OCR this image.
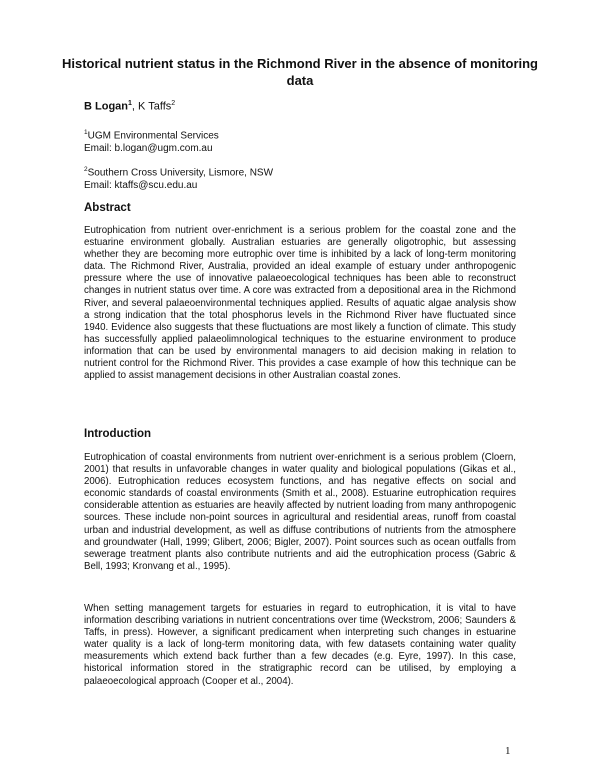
Historical nutrient status in the Richmond River in the absence of monitoring data
B Logan$^1$, K Taffs$^2$
$^1$UGM Environmental Services
Email: b.logan@ugm.com.au
$^2$Southern Cross University, Lismore, NSW
Email: ktaffs@scu.edu.au
Abstract
Eutrophication from nutrient over-enrichment is a serious problem for the coastal zone and the estuarine environment globally. Australian estuaries are generally oligotrophic, but assessing whether they are becoming more eutrophic over time is inhibited by a lack of long-term monitoring data. The Richmond River, Australia, provided an ideal example of estuary under anthropogenic pressure where the use of innovative palaeoecological techniques has been able to reconstruct changes in nutrient status over time. A core was extracted from a depositional area in the Richmond River, and several palaeoenvironmental techniques applied. Results of aquatic algae analysis show a strong indication that the total phosphorus levels in the Richmond River have fluctuated since 1940. Evidence also suggests that these fluctuations are most likely a function of climate. This study has successfully applied palaeolimnological techniques to the estuarine environment to produce information that can be used by environmental managers to aid decision making in relation to nutrient control for the Richmond River. This provides a case example of how this technique can be applied to assist management decisions in other Australian coastal zones.
Introduction
Eutrophication of coastal environments from nutrient over-enrichment is a serious problem (Cloern, 2001) that results in unfavorable changes in water quality and biological populations (Gikas et al., 2006). Eutrophication reduces ecosystem functions, and has negative effects on social and economic standards of coastal environments (Smith et al., 2008). Estuarine eutrophication requires considerable attention as estuaries are heavily affected by nutrient loading from many anthropogenic sources. These include non-point sources in agricultural and residential areas, runoff from coastal urban and industrial development, as well as diffuse contributions of nutrients from the atmosphere and groundwater (Hall, 1999; Glibert, 2006; Bigler, 2007). Point sources such as ocean outfalls from sewerage treatment plants also contribute nutrients and aid the eutrophication process (Gabric & Bell, 1993; Kronvang et al., 1995).
When setting management targets for estuaries in regard to eutrophication, it is vital to have information describing variations in nutrient concentrations over time (Weckstrom, 2006; Saunders & Taffs, in press). However, a significant predicament when interpreting such changes in estuarine water quality is a lack of long-term monitoring data, with few datasets containing water quality measurements which extend back further than a few decades (e.g. Eyre, 1997). In this case, historical information stored in the stratigraphic record can be utilised, by employing a palaeoecological approach (Cooper et al., 2004).
1
